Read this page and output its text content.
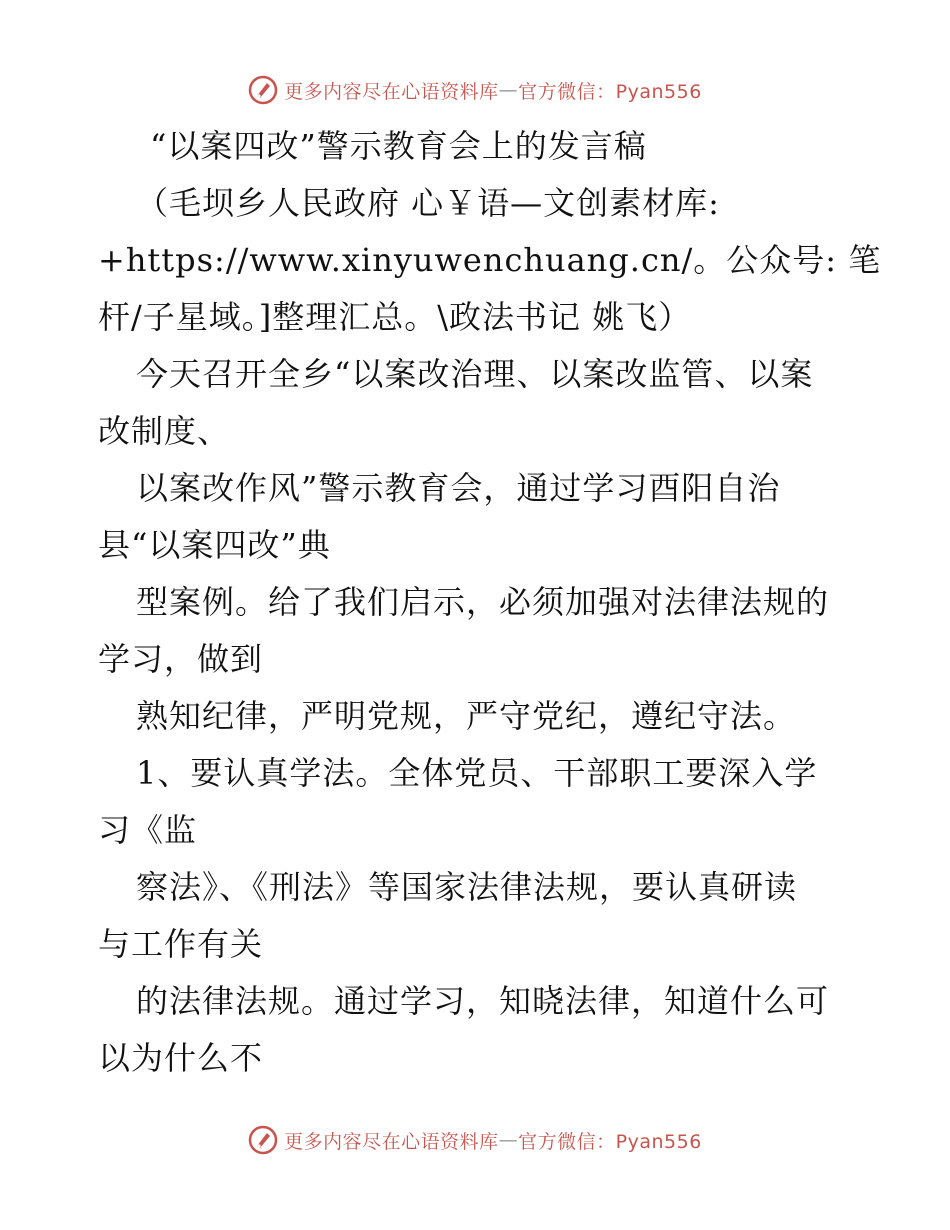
更多内容尽在心语资料库 — 官方微信：Pyan556
“以案四改”警示教育会上的发言稿
（毛坝乡人民政府 心￥语—文创素材库:
+https://www.xinyuwenchuang.cn/。公众号: 笔
杆/子星域。]整理汇总。\政法书记 姚飞）
今天召开全乡“以案改治理、以案改监管、以案
改制度、
以案改作风”警示教育会，通过学习酉阳自治
县“以案四改”典
型案例。给了我们启示，必须加强对法律法规的
学习，做到
熟知纪律，严明党规，严守党纪，遵纪守法。
1、要认真学法。全体党员、干部职工要深入学
习《监
察法》、《刑法》等国家法律法规，要认真研读
与工作有关
的法律法规。通过学习，知晓法律，知道什么可
以为什么不
更多内容尽在心语资料库 — 官方微信：Pyan556
